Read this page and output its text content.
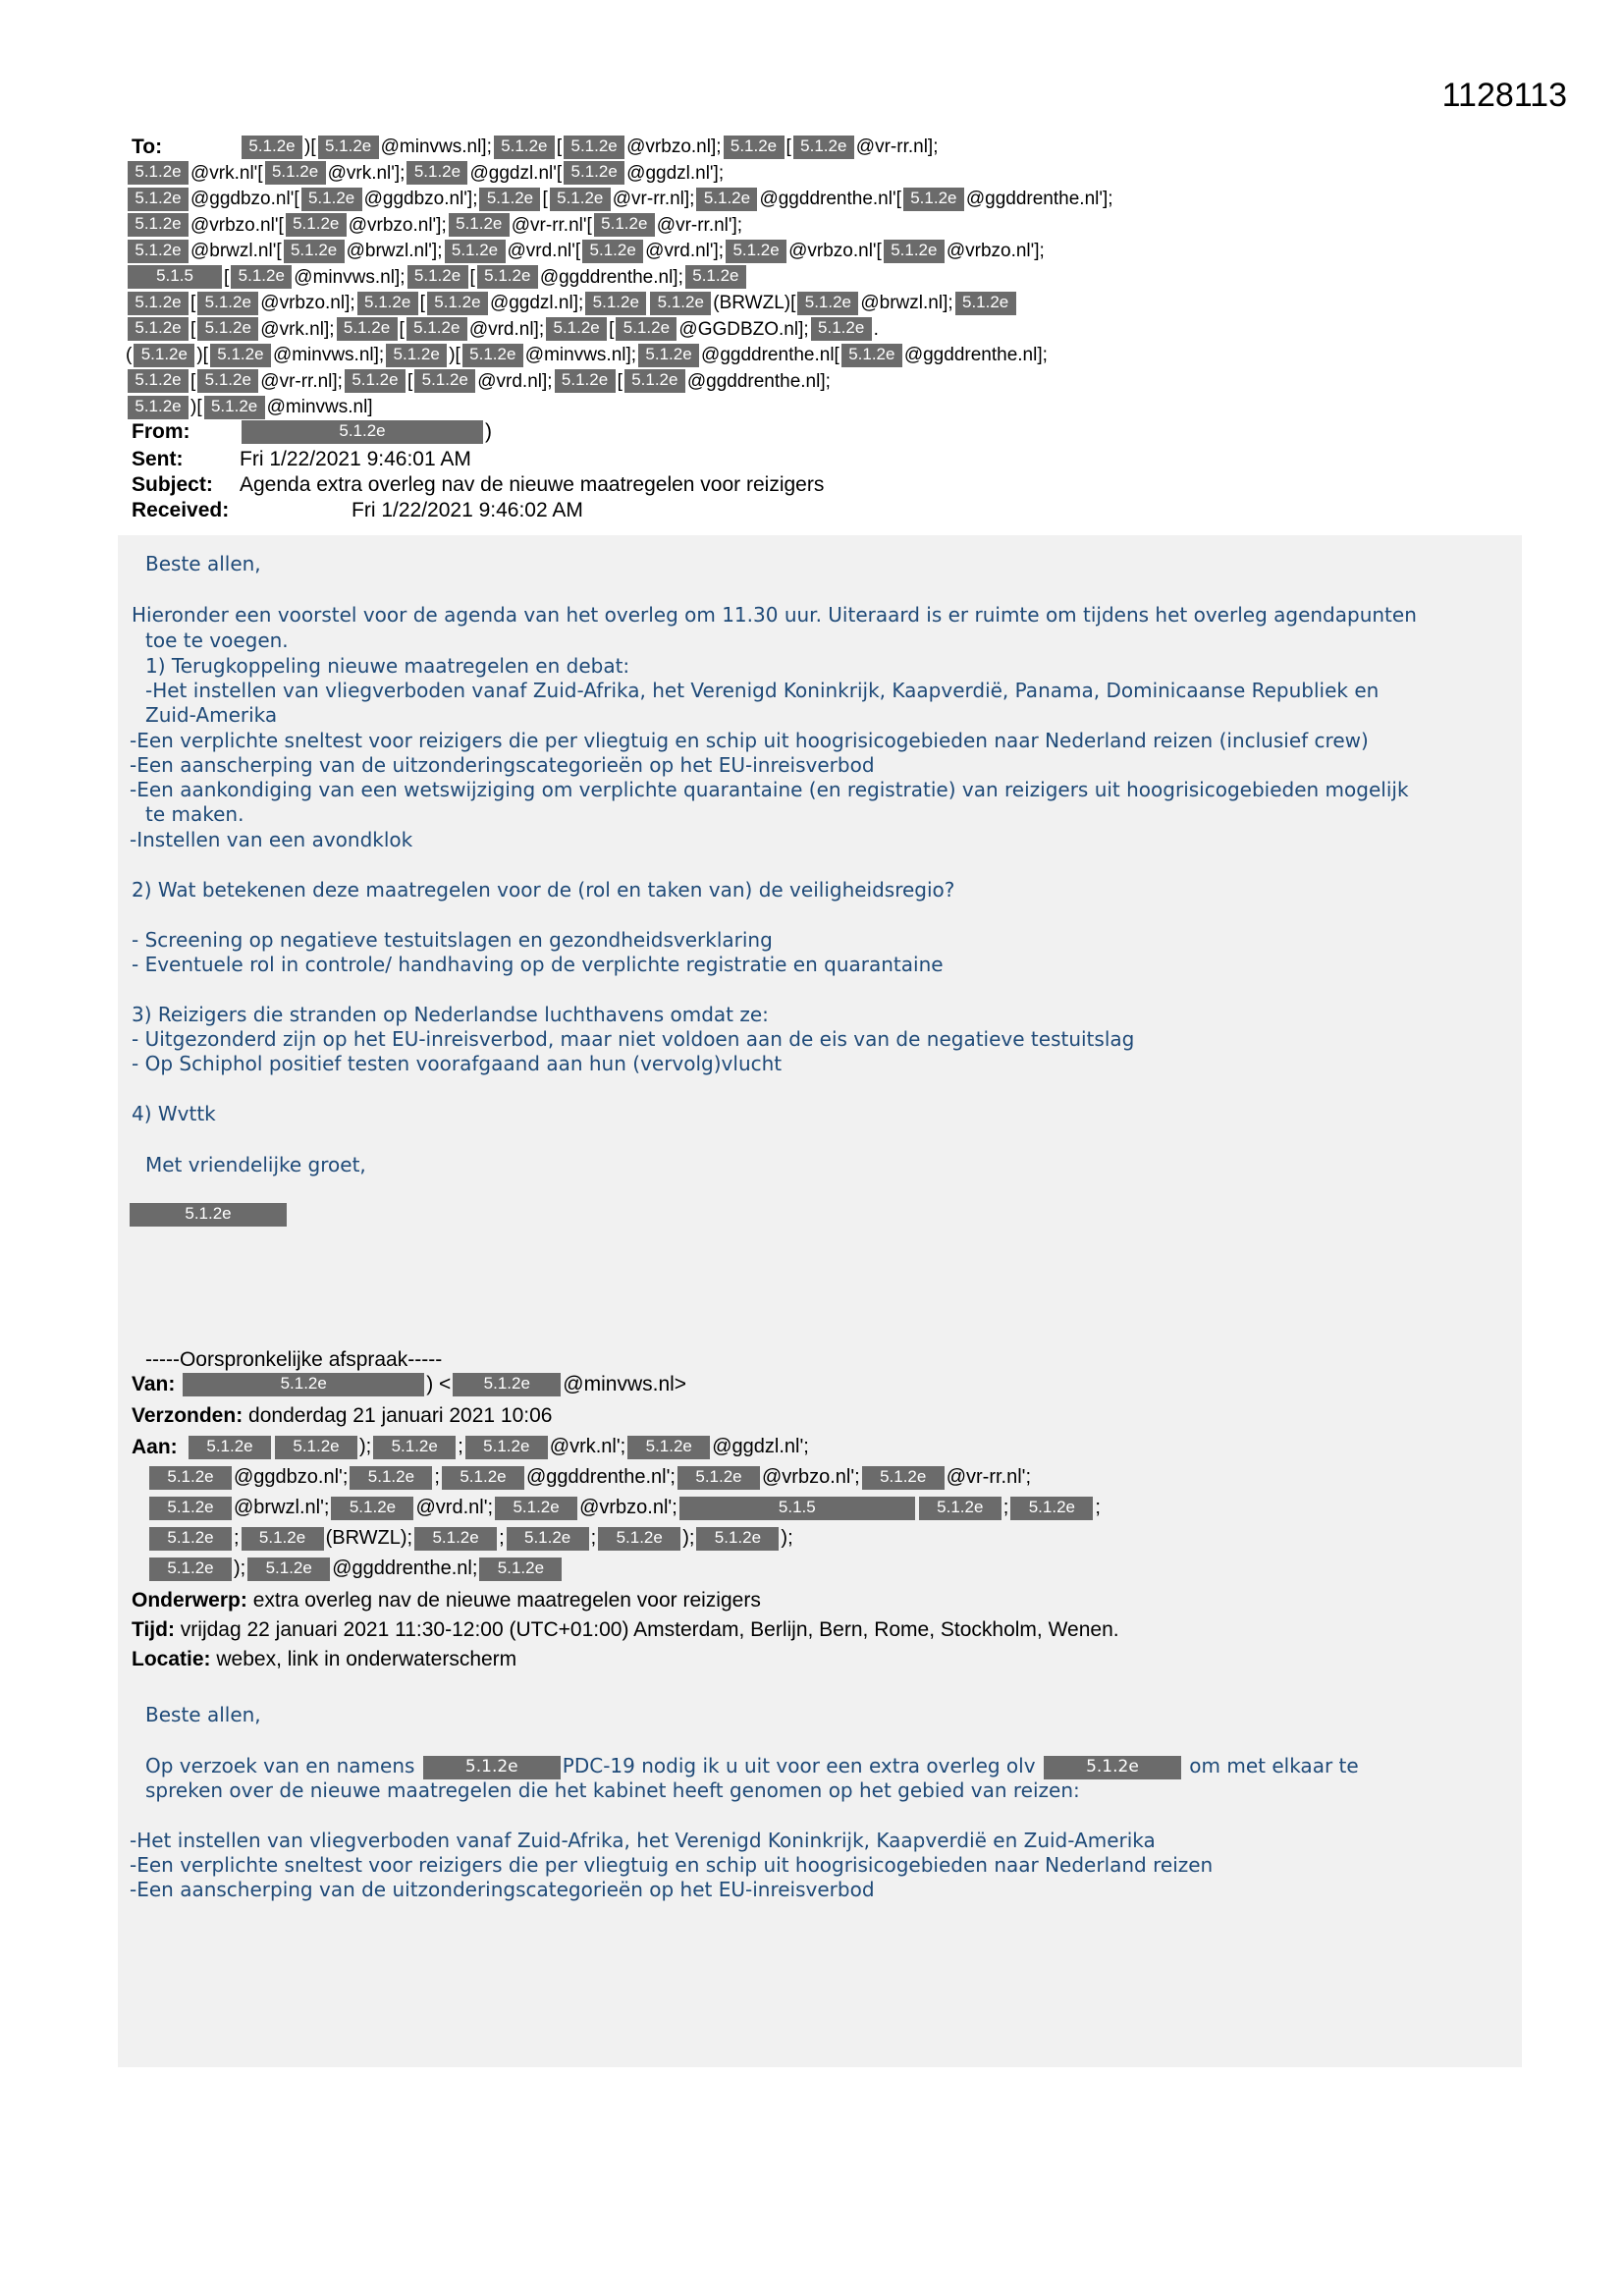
1128113
To:	5.1.2e )[ 5.1.2e @minvws.nl]; 5.1.2e [ 5.1.2e @vrbzo.nl]; 5.1.2e [ 5.1.2e @vr-rr.nl];
5.1.2e @vrk.nl'[ 5.1.2e @vrk.nl']; 5.1.2e @ggdzl.nl'[ 5.1.2e @ggdzl.nl'];
5.1.2e @ggdbzo.nl'[ 5.1.2e @ggdbzo.nl']; 5.1.2e [ 5.1.2e @vr-rr.nl]; 5.1.2e @ggddrenthe.nl'[ 5.1.2e @ggddrenthe.nl'];
5.1.2e @vrbzo.nl'[ 5.1.2e @vrbzo.nl']; 5.1.2e @vr-rr.nl'[ 5.1.2e @vr-rr.nl'];
5.1.2e @brwzl.nl'[ 5.1.2e @brwzl.nl']; 5.1.2e @vrd.nl'[ 5.1.2e @vrd.nl']; 5.1.2e @vrbzo.nl'[ 5.1.2e @vrbzo.nl'];
5.1.5 [ 5.1.2e @minvws.nl]; 5.1.2e [ 5.1.2e @ggddrenthe.nl]; 5.1.2e
5.1.2e [ 5.1.2e @vrbzo.nl]; 5.1.2e [ 5.1.2e @ggdzl.nl]; 5.1.2e 5.1.2e (BRWZL)[ 5.1.2e @brwzl.nl]; 5.1.2e
5.1.2e [ 5.1.2e @vrk.nl]; 5.1.2e [ 5.1.2e @vrd.nl]; 5.1.2e [ 5.1.2e @GGDBZO.nl]; 5.1.2e .
( 5.1.2e )[ 5.1.2e @minvws.nl]; 5.1.2e )[ 5.1.2e @minvws.nl]; 5.1.2e @ggddrenthe.nl[ 5.1.2e @ggddrenthe.nl];
5.1.2e [ 5.1.2e @vr-rr.nl]; 5.1.2e [ 5.1.2e @vrd.nl]; 5.1.2e [ 5.1.2e @ggddrenthe.nl];
5.1.2e )[ 5.1.2e @minvws.nl]
From:	5.1.2e	)
Sent:	Fri 1/22/2021 9:46:01 AM
Subject: Agenda extra overleg nav de nieuwe maatregelen voor reizigers
Received:	Fri 1/22/2021 9:46:02 AM
Beste allen,
Hieronder een voorstel voor de agenda van het overleg om 11.30 uur. Uiteraard is er ruimte om tijdens het overleg agendapunten
toe te voegen.
1) Terugkoppeling nieuwe maatregelen en debat:
-Het instellen van vliegverboden vanaf Zuid-Afrika, het Verenigd Koninkrijk, Kaapverdië, Panama, Dominicaanse Republiek en
Zuid-Amerika
-Een verplichte sneltest voor reizigers die per vliegtuig en schip uit hoogrisicogebieden naar Nederland reizen (inclusief crew)
-Een aanscherping van de uitzonderingscategorieën op het EU-inreisverbod
-Een aankondiging van een wetswijziging om verplichte quarantaine (en registratie) van reizigers uit hoogrisicogebieden mogelijk
te maken.
-Instellen van een avondklok
2) Wat betekenen deze maatregelen voor de (rol en taken van) de veiligheidsregio?
- Screening op negatieve testuitslagen en gezondheidsverklaring
- Eventuele rol in controle/ handhaving op de verplichte registratie en quarantaine
3) Reizigers die stranden op Nederlandse luchthavens omdat ze:
- Uitgezonderd zijn op het EU-inreisverbod, maar niet voldoen aan de eis van de negatieve testuitslag
- Op Schiphol positief testen voorafgaand aan hun (vervolg)vlucht
4) Wvttk
Met vriendelijke groet,
5.1.2e
-----Oorspronkelijke afspraak-----
Van:	5.1.2e	) < 5.1.2e @minvws.nl>
Verzonden: donderdag 21 januari 2021 10:06
Aan:	5.1.2e 5.1.2e ); 5.1.2e ; 5.1.2e @vrk.nl'; 5.1.2e @ggdzl.nl';
5.1.2e @ggdbzo.nl'; 5.1.2e ; 5.1.2e @ggddrenthe.nl'; 5.1.2e @vrbzo.nl'; 5.1.2e @vr-rr.nl';
5.1.2e @brwzl.nl'; 5.1.2e @vrd.nl'; 5.1.2e @vrbzo.nl';	5.1.5	5.1.2e ; 5.1.2e ;
5.1.2e ; 5.1.2e (BRWZL); 5.1.2e ; 5.1.2e ; 5.1.2e ); 5.1.2e );
5.1.2e ); 5.1.2e @ggddrenthe.nl; 5.1.2e
Onderwerp: extra overleg nav de nieuwe maatregelen voor reizigers
Tijd: vrijdag 22 januari 2021 11:30-12:00 (UTC+01:00) Amsterdam, Berlijn, Bern, Rome, Stockholm, Wenen.
Locatie: webex, link in onderwaterscherm
Beste allen,
Op verzoek van en namens	5.1.2e PDC-19 nodig ik u uit voor een extra overleg olv	5.1.2e	om met elkaar te
spreken over de nieuwe maatregelen die het kabinet heeft genomen op het gebied van reizen:
-Het instellen van vliegverboden vanaf Zuid-Afrika, het Verenigd Koninkrijk, Kaapverdië en Zuid-Amerika
-Een verplichte sneltest voor reizigers die per vliegtuig en schip uit hoogrisicogebieden naar Nederland reizen
-Een aanscherping van de uitzonderingscategorieën op het EU-inreisverbod
